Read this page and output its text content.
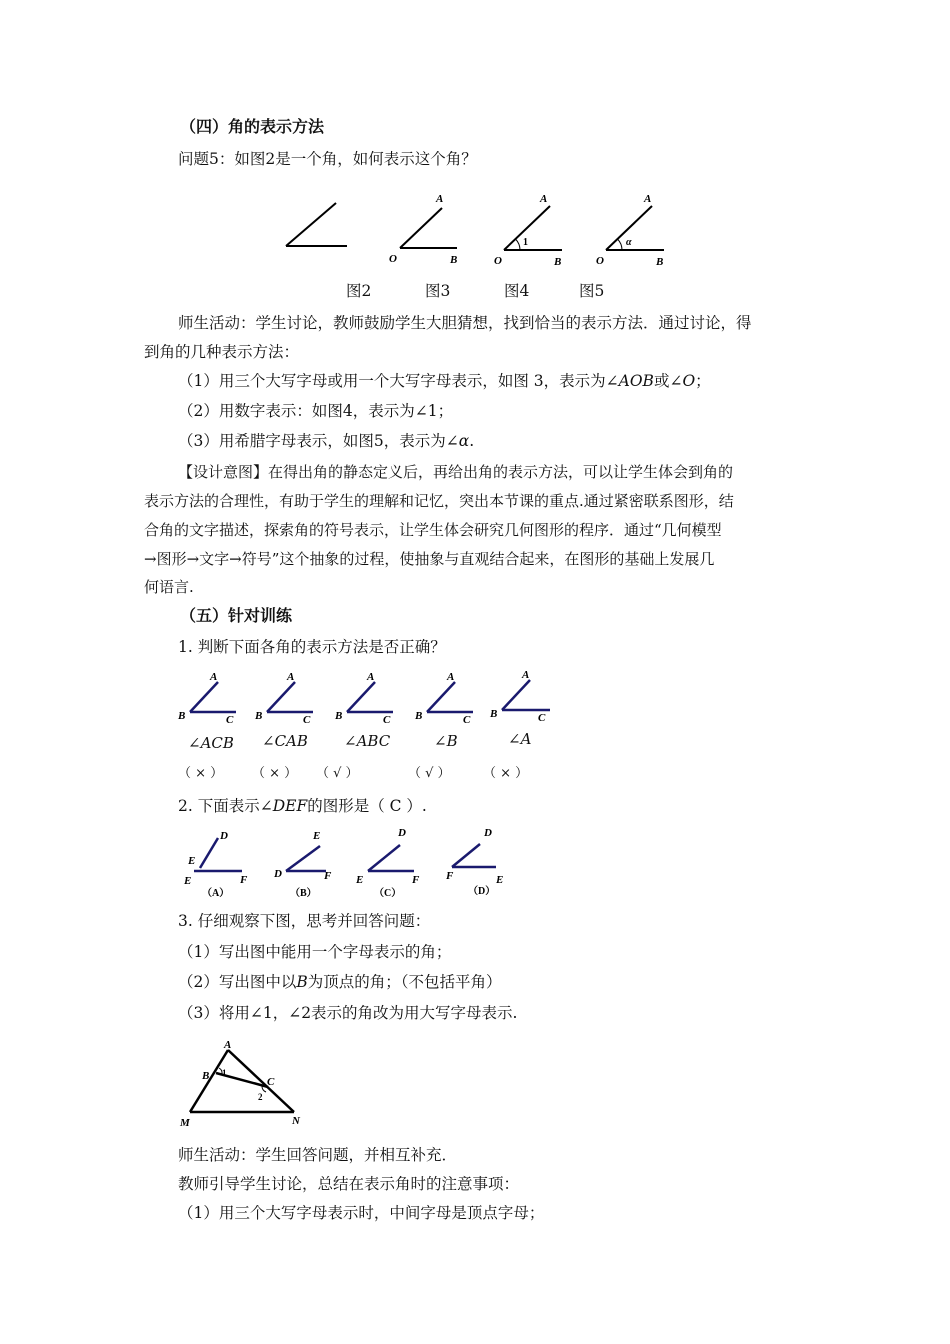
（四）角的表示方法
问题5：如图2是一个角，如何表示这个角？
A
O	B
A
O	B
1
A
O	B
α
图2	图3	图4	图5
师生活动：学生讨论，教师鼓励学生大胆猜想，找到恰当的表示方法．通过讨论，得
到角的几种表示方法：
（1）用三个大写字母或用一个大写字母表示，如图 3，表示为∠AOB或∠O；
（2）用数字表示：如图4，表示为∠1；
（3）用希腊字母表示，如图5，表示为∠α.
【设计意图】在得出角的静态定义后，再给出角的表示方法，可以让学生体会到角的
表示方法的合理性，有助于学生的理解和记忆，突出本节课的重点.通过紧密联系图形，结
合角的文字描述，探索角的符号表示，让学生体会研究几何图形的程序．通过“几何模型
→图形→文字→符号”这个抽象的过程，使抽象与直观结合起来，在图形的基础上发展几
何语言.
（五）针对训练
1. 判断下面各角的表示方法是否正确？
A
B	C
A
B	C
A
B	C
A
B	C
A
B	C
∠ACB ∠CAB ∠ABC	∠B	∠A
（ × ） （ × ） （ √ ）	（ √ ） （ × ）
2. 下面表示∠DEF的图形是（ C ）.
D
E
E	F
（A）
E
D	F
（B）
D
E	F
（C）
D
F	E
（D）
3. 仔细观察下图，思考并回答问题：
（1）写出图中能用一个字母表示的角；
（2）写出图中以B为顶点的角；（不包括平角）
（3）将用∠1，∠2表示的角改为用大写字母表示.
A
B 1
C
2
M	N
师生活动：学生回答问题，并相互补充．
教师引导学生讨论，总结在表示角时的注意事项：
（1）用三个大写字母表示时，中间字母是顶点字母；
